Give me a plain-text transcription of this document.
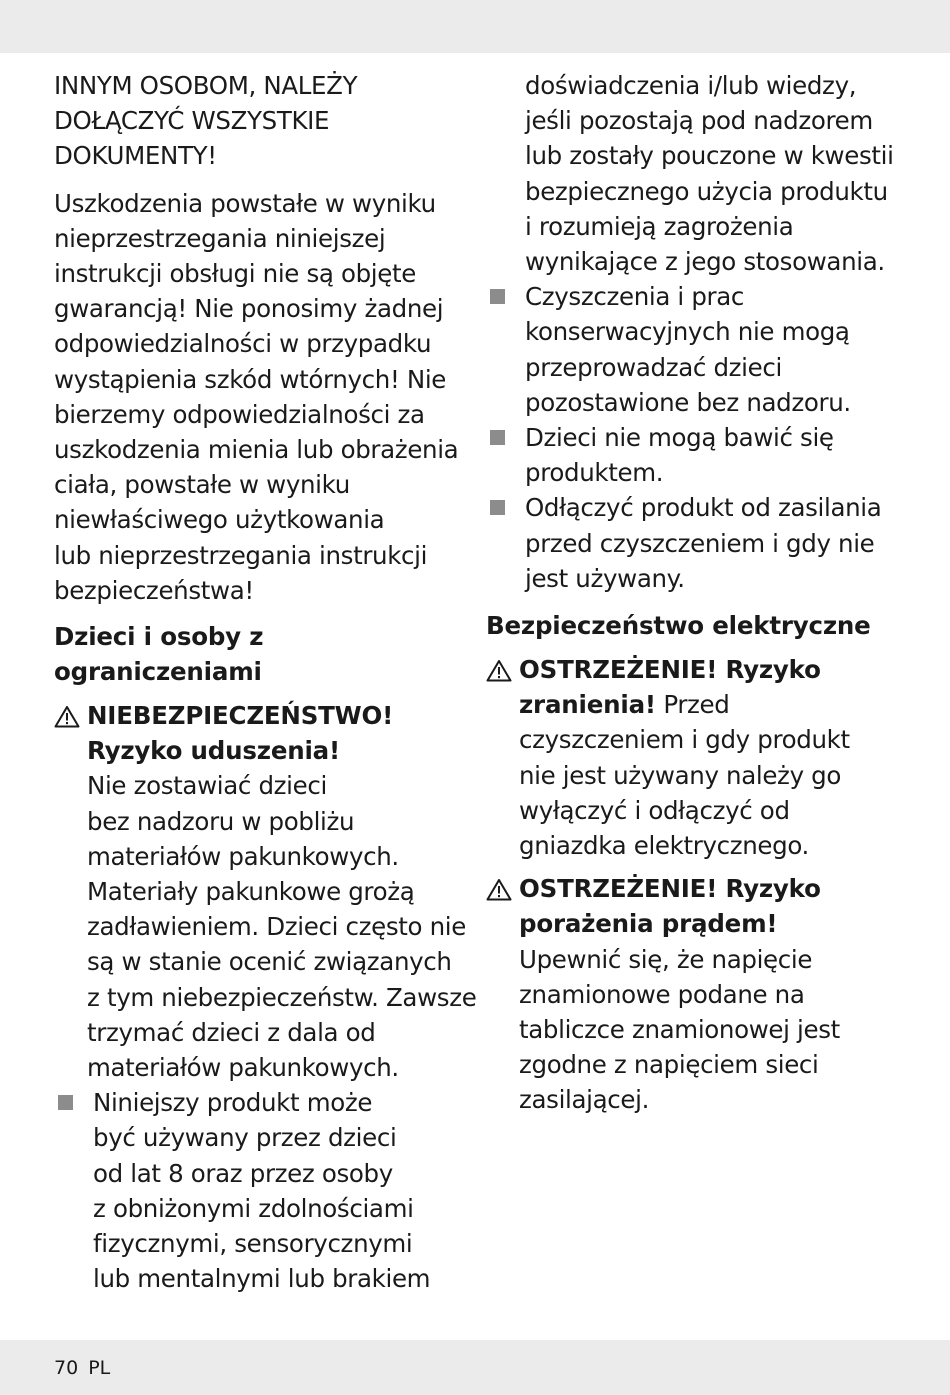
INNYM OSOBOM, NALEŻY
DOŁĄCZYĆ WSZYSTKIE
DOKUMENTY!
Uszkodzenia powstałe w wyniku
nieprzestrzegania niniejszej
instrukcji obsługi nie są objęte
gwarancją! Nie ponosimy żadnej
odpowiedzialności w przypadku
wystąpienia szkód wtórnych! Nie
bierzemy odpowiedzialności za
uszkodzenia mienia lub obrażenia
ciała, powstałe w wyniku
niewłaściwego użytkowania
lub nieprzestrzegania instrukcji
bezpieczeństwa!
Dzieci i osoby z
ograniczeniami
NIEBEZPIECZEŃSTWO!
Ryzyko uduszenia!
Nie zostawiać dzieci
bez nadzoru w pobliżu
materiałów pakunkowych.
Materiały pakunkowe grożą
zadławieniem. Dzieci często nie
są w stanie ocenić związanych
z tym niebezpieczeństw. Zawsze
trzymać dzieci z dala od
materiałów pakunkowych.
Niniejszy produkt może
być używany przez dzieci
od lat 8 oraz przez osoby
z obniżonymi zdolnościami
fizycznymi, sensorycznymi
lub mentalnymi lub brakiem
doświadczenia i/lub wiedzy,
jeśli pozostają pod nadzorem
lub zostały pouczone w kwestii
bezpiecznego użycia produktu
i rozumieją zagrożenia
wynikające z jego stosowania.
Czyszczenia i prac
konserwacyjnych nie mogą
przeprowadzać dzieci
pozostawione bez nadzoru.
Dzieci nie mogą bawić się
produktem.
Odłączyć produkt od zasilania
przed czyszczeniem i gdy nie
jest używany.
Bezpieczeństwo elektryczne
OSTRZEŻENIE! Ryzyko
zranienia! Przed
czyszczeniem i gdy produkt
nie jest używany należy go
wyłączyć i odłączyć od
gniazdka elektrycznego.
OSTRZEŻENIE! Ryzyko
porażenia prądem!
Upewnić się, że napięcie
znamionowe podane na
tabliczce znamionowej jest
zgodne z napięciem sieci
zasilającej.
70 PL
